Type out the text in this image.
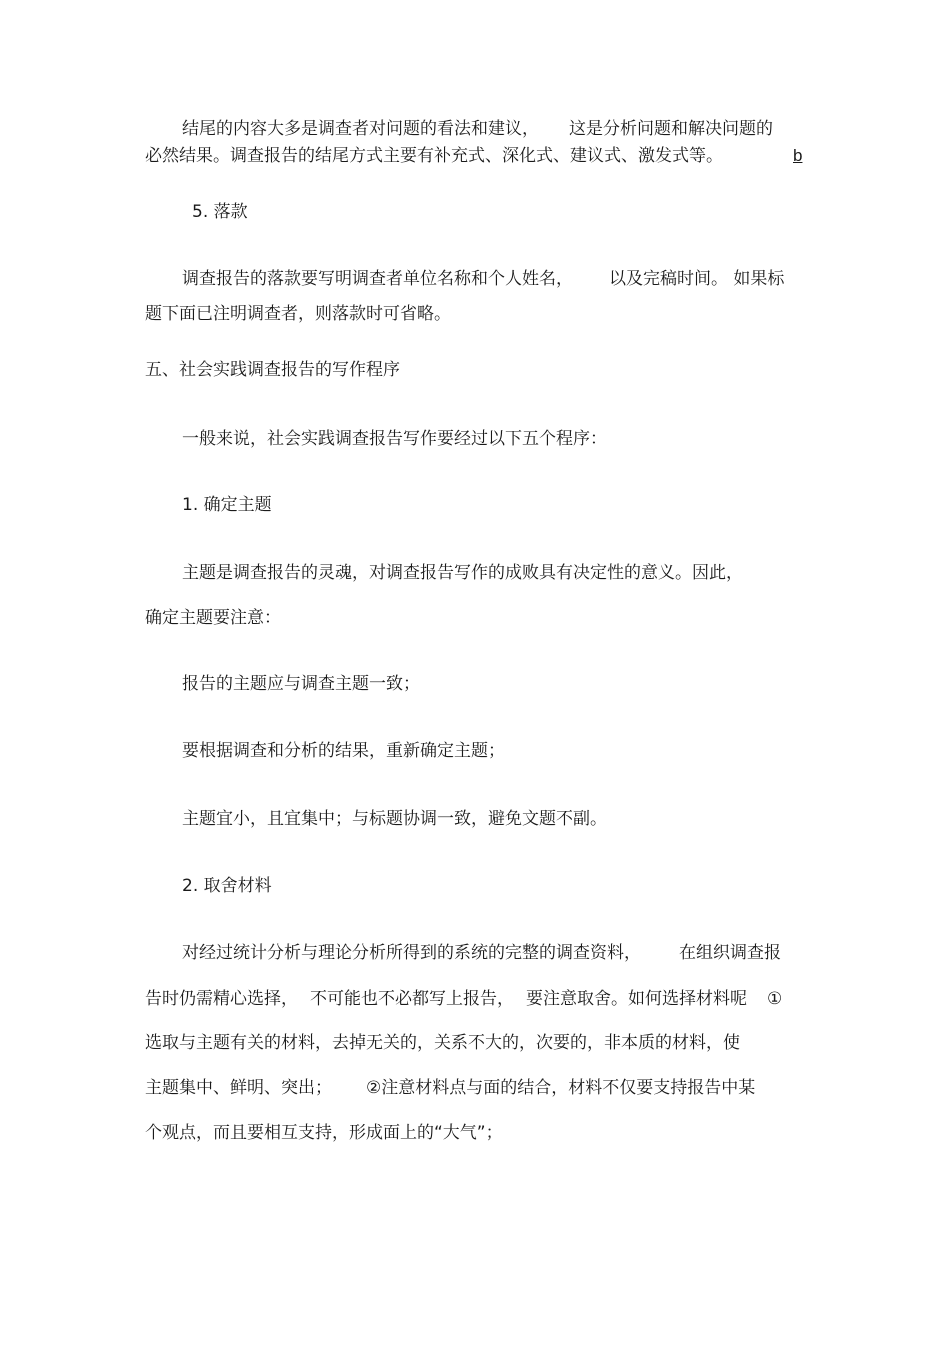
结尾的内容大多是调查者对问题的看法和建议， 这是分析问题和解决问题的
必然结果。调查报告的结尾方式主要有补充式、深化式、建议式、激发式等。	b
5. 落款
调查报告的落款要写明调查者单位名称和个人姓名， 以及完稿时间。 如果标
题下面已注明调查者，则落款时可省略。
五、社会实践调查报告的写作程序
一般来说，社会实践调查报告写作要经过以下五个程序：
1. 确定主题
主题是调查报告的灵魂，对调查报告写作的成败具有决定性的意义。因此，
确定主题要注意：
报告的主题应与调查主题一致；
要根据调查和分析的结果，重新确定主题；
主题宜小，且宜集中；与标题协调一致，避免文题不副。
2. 取舍材料
对经过统计分析与理论分析所得到的系统的完整的调查资料， 在组织调查报
告时仍需精心选择， 不可能也不必都写上报告， 要注意取舍。如何选择材料呢 ①
选取与主题有关的材料，去掉无关的，关系不大的，次要的，非本质的材料，使
主题集中、鲜明、突出； ②注意材料点与面的结合，材料不仅要支持报告中某
个观点，而且要相互支持，形成面上的“大气”；
